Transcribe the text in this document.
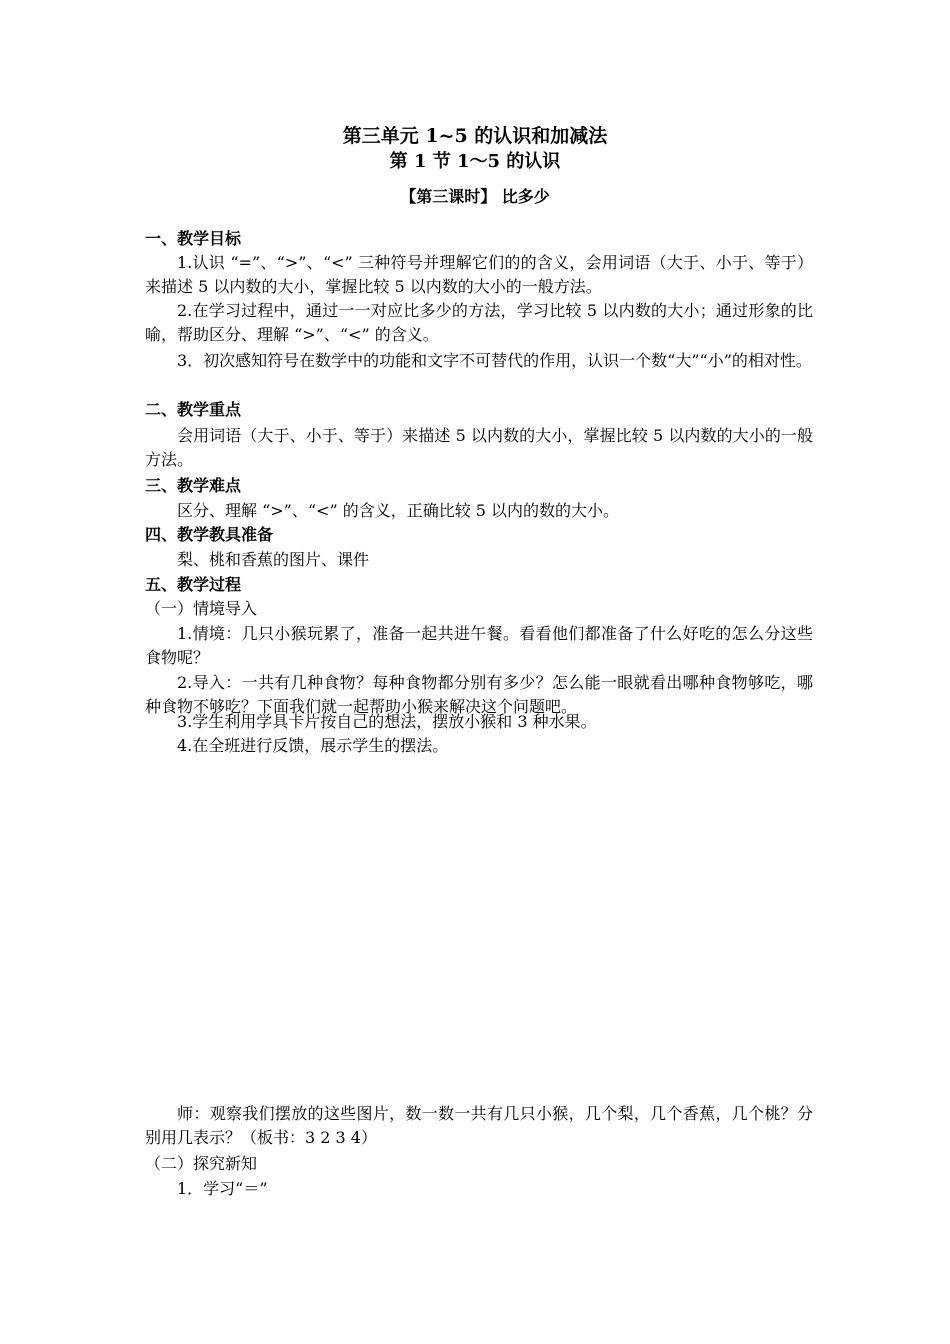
第三单元 1~5 的认识和加减法
第 1 节 1～5 的认识
【第三课时】 比多少
一、教学目标
1.认识 “=”、“>”、“<” 三种符号并理解它们的的含义，会用词语（大于、小于、等于）来描述 5 以内数的大小，掌握比较 5 以内数的大小的一般方法。
2.在学习过程中，通过一一对应比多少的方法，学习比较 5 以内数的大小；通过形象的比喻，帮助区分、理解 “>”、“<” 的含义。
3．初次感知符号在数学中的功能和文字不可替代的作用，认识一个数“大”“小”的相对性。
二、教学重点
会用词语（大于、小于、等于）来描述 5 以内数的大小，掌握比较 5 以内数的大小的一般方法。
三、教学难点
区分、理解 “>”、“<” 的含义，正确比较 5 以内的数的大小。
四、教学教具准备
梨、桃和香蕉的图片、课件
五、教学过程
（一）情境导入
1.情境：几只小猴玩累了，准备一起共进午餐。看看他们都准备了什么好吃的怎么分这些食物呢？
2.导入：一共有几种食物？每种食物都分别有多少？怎么能一眼就看出哪种食物够吃，哪种食物不够吃？下面我们就一起帮助小猴来解决这个问题吧。
3.学生利用学具卡片按自己的想法，摆放小猴和 3 种水果。
4.在全班进行反馈，展示学生的摆法。
师：观察我们摆放的这些图片，数一数一共有几只小猴，几个梨，几个香蕉，几个桃？分别用几表示？（板书：3 2 3 4）
（二）探究新知
1．学习“＝”
